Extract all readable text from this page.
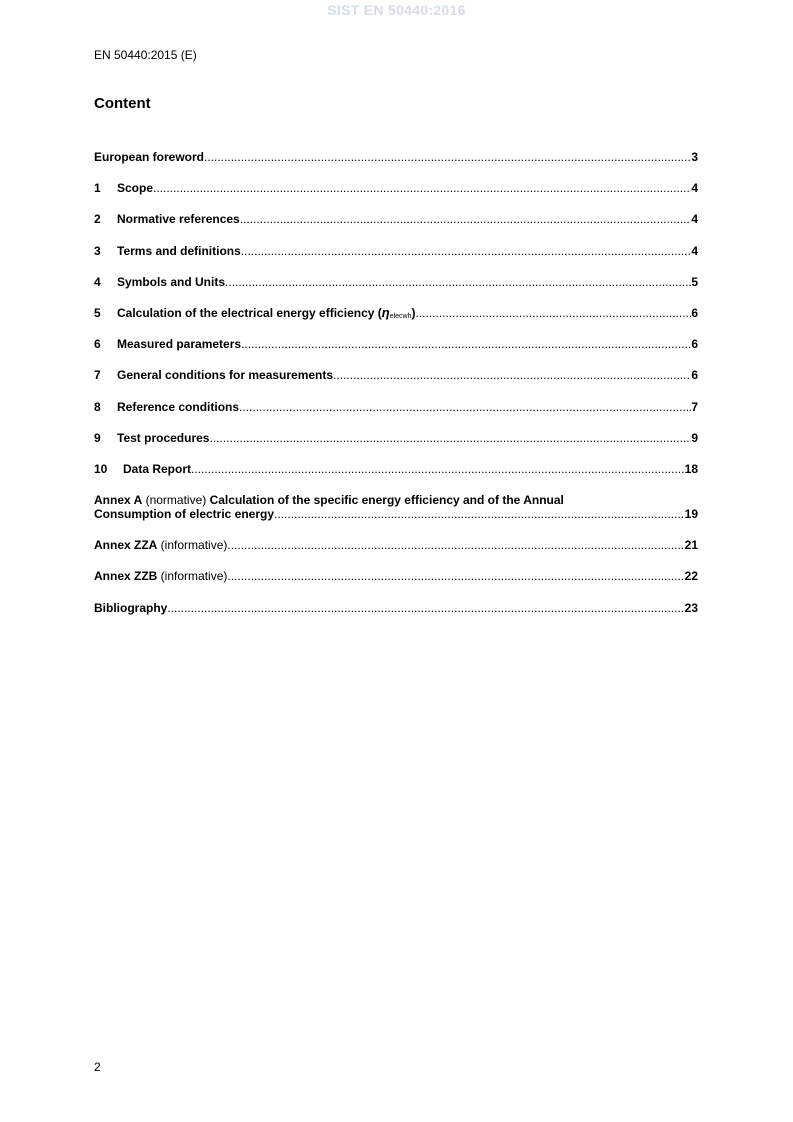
SIST EN 50440:2016
EN 50440:2015 (E)
Content
European foreword .....	3
1	Scope .....	4
2	Normative references .....	4
3	Terms and definitions .....	4
4	Symbols and Units .....	5
5	Calculation of the electrical energy efficiency (ηelecwh) .....	6
6	Measured parameters .....	6
7	General conditions for measurements .....	6
8	Reference conditions .....	7
9	Test procedures .....	9
10	Data Report .....	18
Annex A (normative) Calculation of the specific energy efficiency and of the Annual
Consumption of electric energy .....	19
Annex ZZA (informative) .....	21
Annex ZZB (informative) .....	22
Bibliography .....	23
2
